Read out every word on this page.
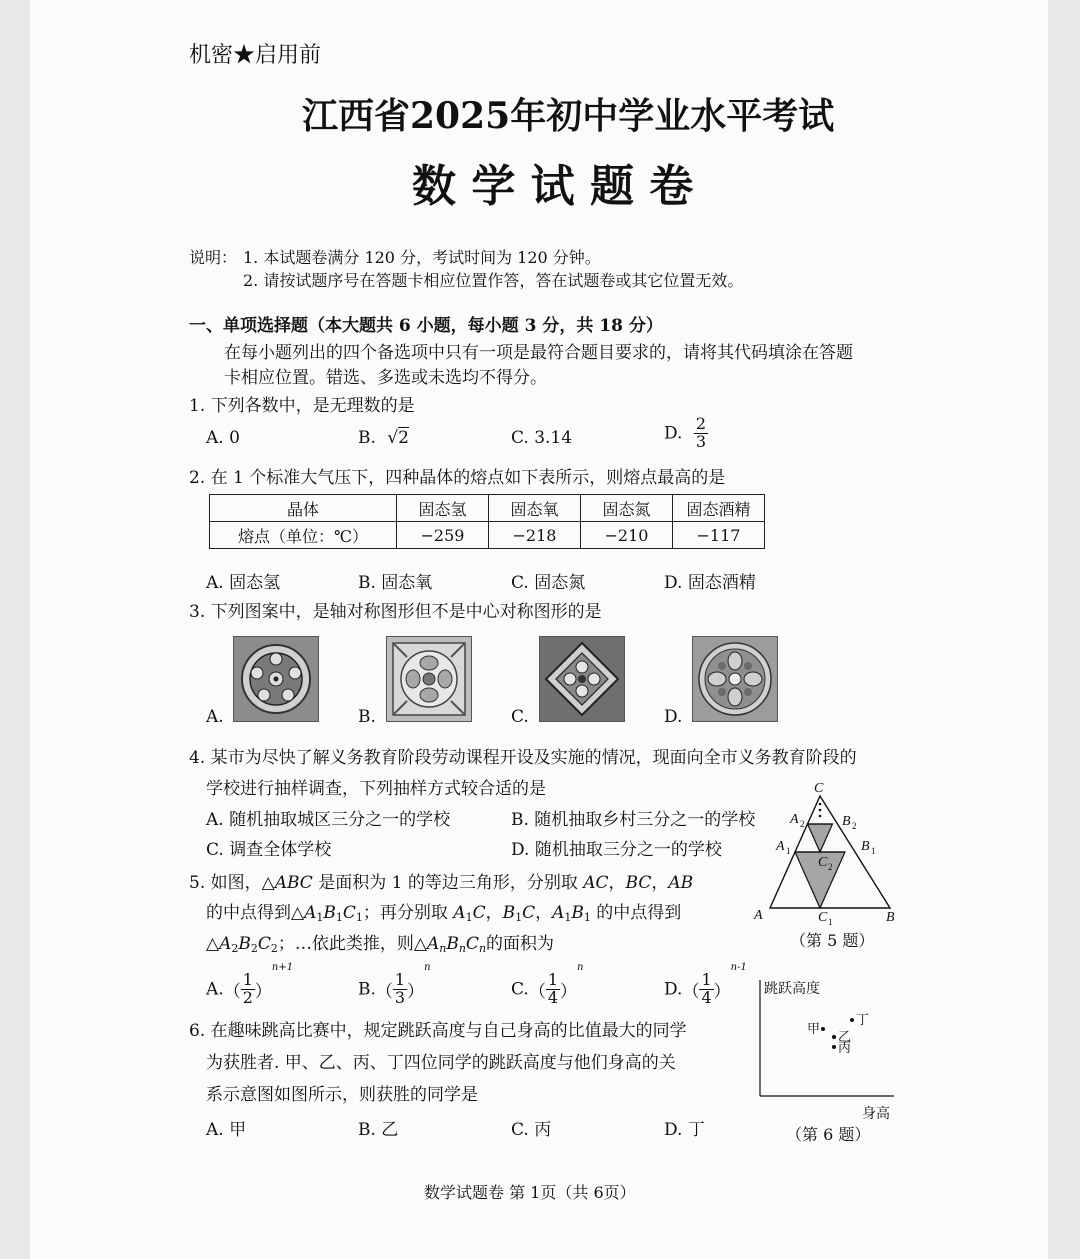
机密★启用前
江西省2025年初中学业水平考试
数 学 试 题 卷
说明： 1. 本试题卷满分 120 分，考试时间为 120 分钟。
2. 请按试题序号在答题卡相应位置作答，答在试题卷或其它位置无效。
一、单项选择题（本大题共 6 小题，每小题 3 分，共 18 分）
在每小题列出的四个备选项中只有一项是最符合题目要求的，请将其代码填涂在答题
卡相应位置。错选、多选或未选均不得分。
1. 下列各数中，是无理数的是
A. 0	B. √2	C. 3.14	D. $\frac{2}{3}$
2. 在 1 个标准大气压下，四种晶体的熔点如下表所示，则熔点最高的是
晶体	固态氢	固态氧	固态氮	固态酒精
熔点（单位：℃）	−259	−218	−210	−117
A. 固态氢	B. 固态氧	C. 固态氮	D. 固态酒精
3. 下列图案中，是轴对称图形但不是中心对称图形的是
A.	B.	C.	D.
4. 某市为尽快了解义务教育阶段劳动课程开设及实施的情况，现面向全市义务教育阶段的
学校进行抽样调查，下列抽样方式较合适的是
A. 随机抽取城区三分之一的学校	B. 随机抽取乡村三分之一的学校
C. 调查全体学校	D. 随机抽取三分之一的学校
5. 如图，△ABC 是面积为 1 的等边三角形，分别取 AC，BC，AB
的中点得到$\triangle A_1B_1C_1$；再分别取 $A_1C$，$B_1C$，$A_1B_1$ 的中点得到
$\triangle A_2B_2C_2$；…依此类推，则$\triangle A_nB_nC_n$的面积为
$A.( \frac{1}{2} )^{n+1}$
$B.( \frac{1}{3} )^n$
$C.( \frac{1}{4} )^n$
$D.( \frac{1}{4} )^{n-1}$
C
A 2	B 2
A 1	B 1
C 2
A	C 1	B
（第 5 题）
6. 在趣味跳高比赛中，规定跳跃高度与自己身高的比值最大的同学
为获胜者. 甲、乙、丙、丁四位同学的跳跃高度与他们身高的关
系示意图如图所示，则获胜的同学是
A. 甲	B. 乙	C. 丙	D. 丁
跳跃高度
身高
甲
乙
丙
丁
（第 6 题）
数学试题卷 第 1页（共 6页）
